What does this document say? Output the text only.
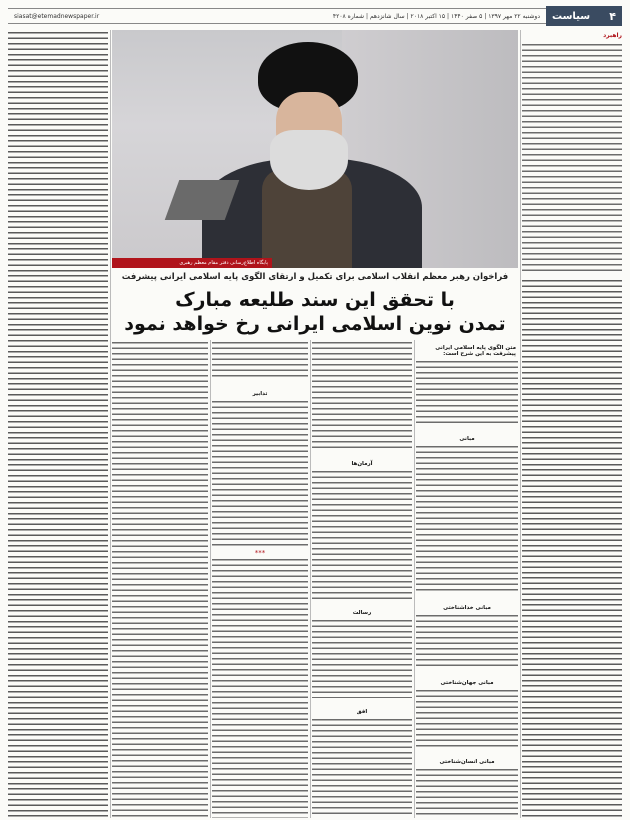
siasat@etemadnewspaper.ir	دوشنبه ۲۲ مهر ۱۳۹۷ | ۵ صفر ۱۴۴۰ | ۱۵ اکتبر ۲۰۱۸ | سال شانزدهم | شماره ۴۲۰۸ سیاست ۴
راهبرد
پایگاه اطلاع‌رسانی دفتر مقام معظم رهبری
فراخوان رهبر معظم انقلاب اسلامی برای تکمیل و ارتقای الگوی پایه اسلامی ایرانی پیشرفت
با تحقق این سند طلیعه مبارک
تمدن نوین اسلامی ایرانی رخ خواهد نمود
متن الگوی پایه اسلامی ایرانی پیشرفت به این شرح است:
مبانی
مبانی خداشناختی
مبانی جهان‌شناختی
مبانی انسان‌شناختی
آرمان‌ها
رسالت
افق
تدابیر
***
